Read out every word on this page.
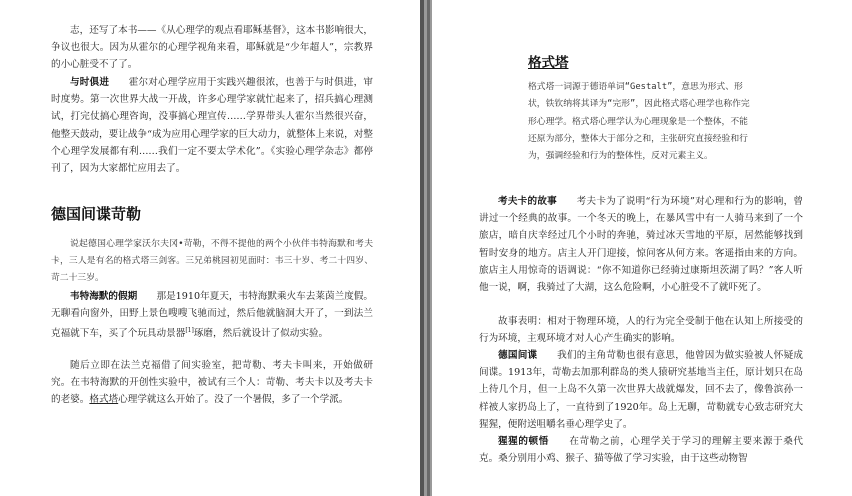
志，还写了本书——《从心理学的观点看耶稣基督》，这本书影响很大，争议也很大。因为从霍尔的心理学视角来看，耶稣就是“少年超人”，宗教界的小心脏受不了了。

与时俱进　　 霍尔对心理学应用于实践兴趣很浓，也善于与时俱进，审时度势。第一次世界大战一开战，许多心理学家就忙起来了，招兵搞心理测试，打完仗搞心理咨询，没事搞心理宣传……学界带头人霍尔当然很兴奋，他整天鼓动，要让战争“成为应用心理学家的巨大动力，就整体上来说，对整个心理学发展都有利……我们一定不要太学术化”。《实验心理学杂志》都停刊了，因为大家都忙应用去了。

德国间谍苛勒

说起德国心理学家沃尔夫冈•苛勒，不得不提他的两个小伙伴韦特海默和考夫卡，三人是有名的格式塔三剑客。三兄弟桃园初见面时：韦三十岁、考二十四岁、苛二十三岁。

韦特海默的假期　　 那是1910年夏天，韦特海默乘火车去莱茵兰度假。无聊看向窗外，田野上景色嗖嗖飞驰而过，然后他就脑洞大开了，一到法兰克福就下车，买了个玩具动景器[1]琢磨，然后就设计了似动实验。

随后立即在法兰克福借了间实验室，把苛勒、考夫卡叫来，开始做研究。在韦特海默的开创性实验中，被试有三个人：苛勒、考夫卡以及考夫卡的老婆。格式塔心理学就这么开始了。没了一个暑假，多了一个学派。

格式塔

格式塔一词源于德语单词“Gestalt”，意思为形式、形状，铁钦纳将其译为“完形”，因此格式塔心理学也称作完形心理学。格式塔心理学认为心理现象是一个整体，不能还原为部分，整体大于部分之和，主张研究直接经验和行为，强调经验和行为的整体性，反对元素主义。

考夫卡的故事　　 考夫卡为了说明“行为环境”对心理和行为的影响，曾讲过一个经典的故事。一个冬天的晚上，在暴风雪中有一人骑马来到了一个旅店，暗自庆幸经过几个小时的奔驰，骑过冰天雪地的平原，居然能够找到暂时安身的地方。店主人开门迎接，惊问客从何方来。客遥指由来的方向。旅店主人用惊奇的语调说：“你不知道你已经骑过康斯坦茨湖了吗？”客人听他一说，啊，我骑过了大湖，这么危险啊，小心脏受不了就吓死了。

故事表明：相对于物理环境，人的行为完全受制于他在认知上所接受的行为环境，主观环境才对人心产生确实的影响。

德国间谍　　 我们的主角苛勒也很有意思，他曾因为做实验被人怀疑成间谍。1913年，苛勒去加那利群岛的类人猿研究基地当主任，原计划只在岛上待几个月，但一上岛不久第一次世界大战就爆发，回不去了，像鲁滨孙一样被人家扔岛上了，一直待到了1920年。岛上无聊，苛勒就专心致志研究大猩猩，便附送咀嚼名垂心理学史了。

猩猩的顿悟　　 在苛勒之前，心理学关于学习的理解主要来源于桑代克。桑分别用小鸡、猴子、猫等做了学习实验，由于这些动物智
